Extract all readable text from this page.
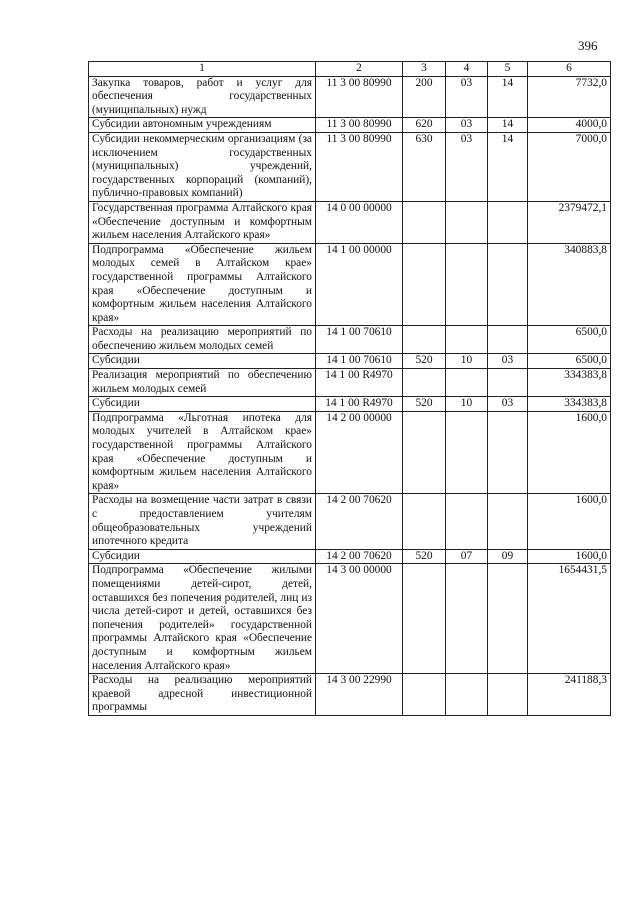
396
1	2	3	4	5	6
Закупка товаров, работ и услуг для обеспечения государственных (муниципальных) нужд	11 3 00 80990	200	03	14	7732,0
Субсидии автономным учреждениям	11 3 00 80990	620	03	14	4000,0
Субсидии некоммерческим организациям (за исключением государственных (муниципальных) учреждений, государственных корпораций (компаний), публично-правовых компаний)	11 3 00 80990	630	03	14	7000,0
Государственная программа Алтайского края «Обеспечение доступным и комфортным жильем населения Алтайского края»	14 0 00 00000				2379472,1
Подпрограмма «Обеспечение жильем молодых семей в Алтайском крае» государственной программы Алтайского края «Обеспечение доступным и комфортным жильем населения Алтайского края»	14 1 00 00000				340883,8
Расходы на реализацию мероприятий по обеспечению жильем молодых семей	14 1 00 70610				6500,0
Субсидии	14 1 00 70610	520	10	03	6500,0
Реализация мероприятий по обеспечению жильем молодых семей	14 1 00 R4970				334383,8
Субсидии	14 1 00 R4970	520	10	03	334383,8
Подпрограмма «Льготная ипотека для молодых учителей в Алтайском крае» государственной программы Алтайского края «Обеспечение доступным и комфортным жильем населения Алтайского края»	14 2 00 00000				1600,0
Расходы на возмещение части затрат в связи с предоставлением учителям общеобразовательных учреждений ипотечного кредита	14 2 00 70620				1600,0
Субсидии	14 2 00 70620	520	07	09	1600,0
Подпрограмма «Обеспечение жилыми помещениями детей-сирот, детей, оставшихся без попечения родителей, лиц из числа детей-сирот и детей, оставшихся без попечения родителей» государственной программы Алтайского края «Обеспечение доступным и комфортным жильем населения Алтайского края»	14 3 00 00000				1654431,5
Расходы на реализацию мероприятий краевой адресной инвестиционной программы	14 3 00 22990				241188,3
